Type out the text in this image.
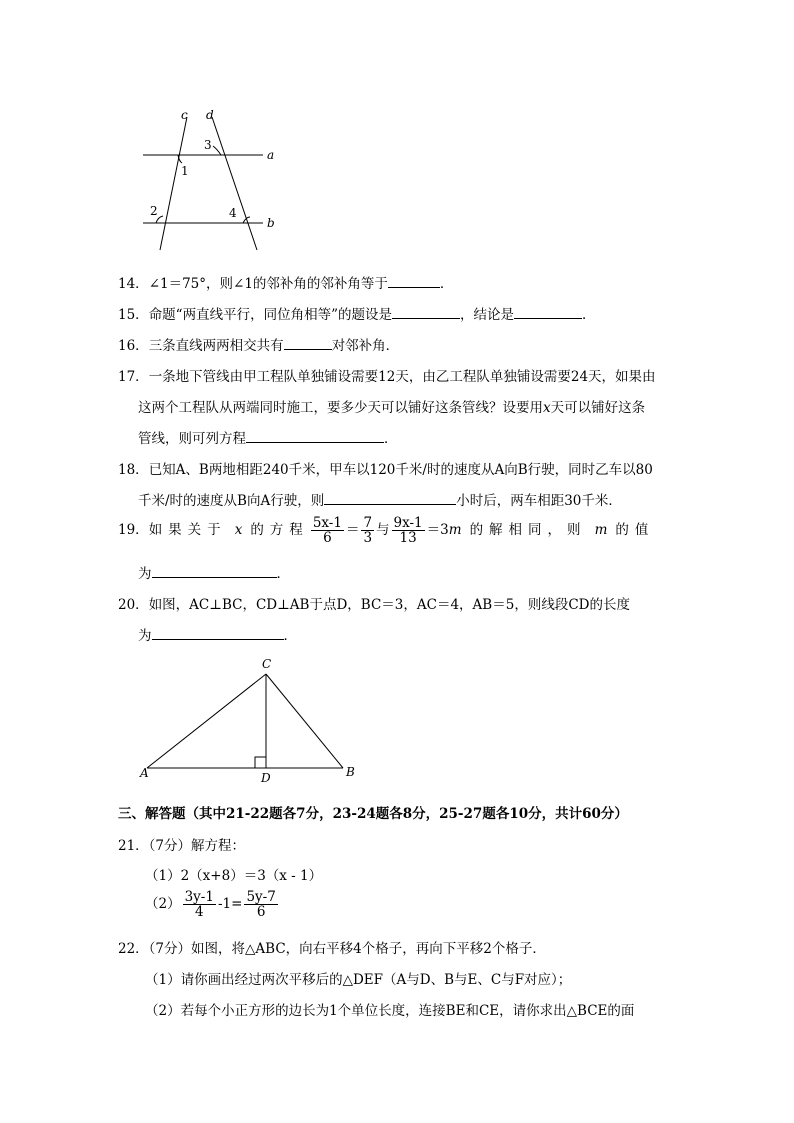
c d
a
b
1
2
3
4
14．∠1＝75°，则∠1的邻补角的邻补角等于	．
15．命题“两直线平行，同位角相等”的题设是	，结论是	．
16．三条直线两两相交共有	对邻补角．
17．一条地下管线由甲工程队单独铺设需要12天，由乙工程队单独铺设需要24天，如果由
这两个工程队从两端同时施工，要多少天可以铺好这条管线？设要用x天可以铺好这条
管线，则可列方程	．
18．已知A、B两地相距240千米，甲车以120千米/时的速度从A向B行驶，同时乙车以80
千米/时的速度从B向A行驶，则	小时后，两车相距30千米．
19．如果关于 x 的方程 $\frac{5x-1}{6} = \frac{7}{3}$ 与 $\frac{9x-1}{13} =3m$ 的解相同，则 m 的值
为	．
20．如图，AC⊥BC，CD⊥AB于点D，BC＝3，AC＝4，AB＝5，则线段CD的长度
为	．
A	B
C
D
三、解答题（其中21-22题各7分，23-24题各8分，25-27题各10分，共计60分）
21．（7分）解方程：
（1）2（x+8）＝3（x - 1）
$(2) \frac{3y-1}{4} -1= \frac{5y-7}{6}$
22．（7分）如图，将△ABC，向右平移4个格子，再向下平移2个格子．
（1）请你画出经过两次平移后的△DEF（A与D、B与E、C与F对应）；
（2）若每个小正方形的边长为1个单位长度，连接BE和CE，请你求出△BCE的面
